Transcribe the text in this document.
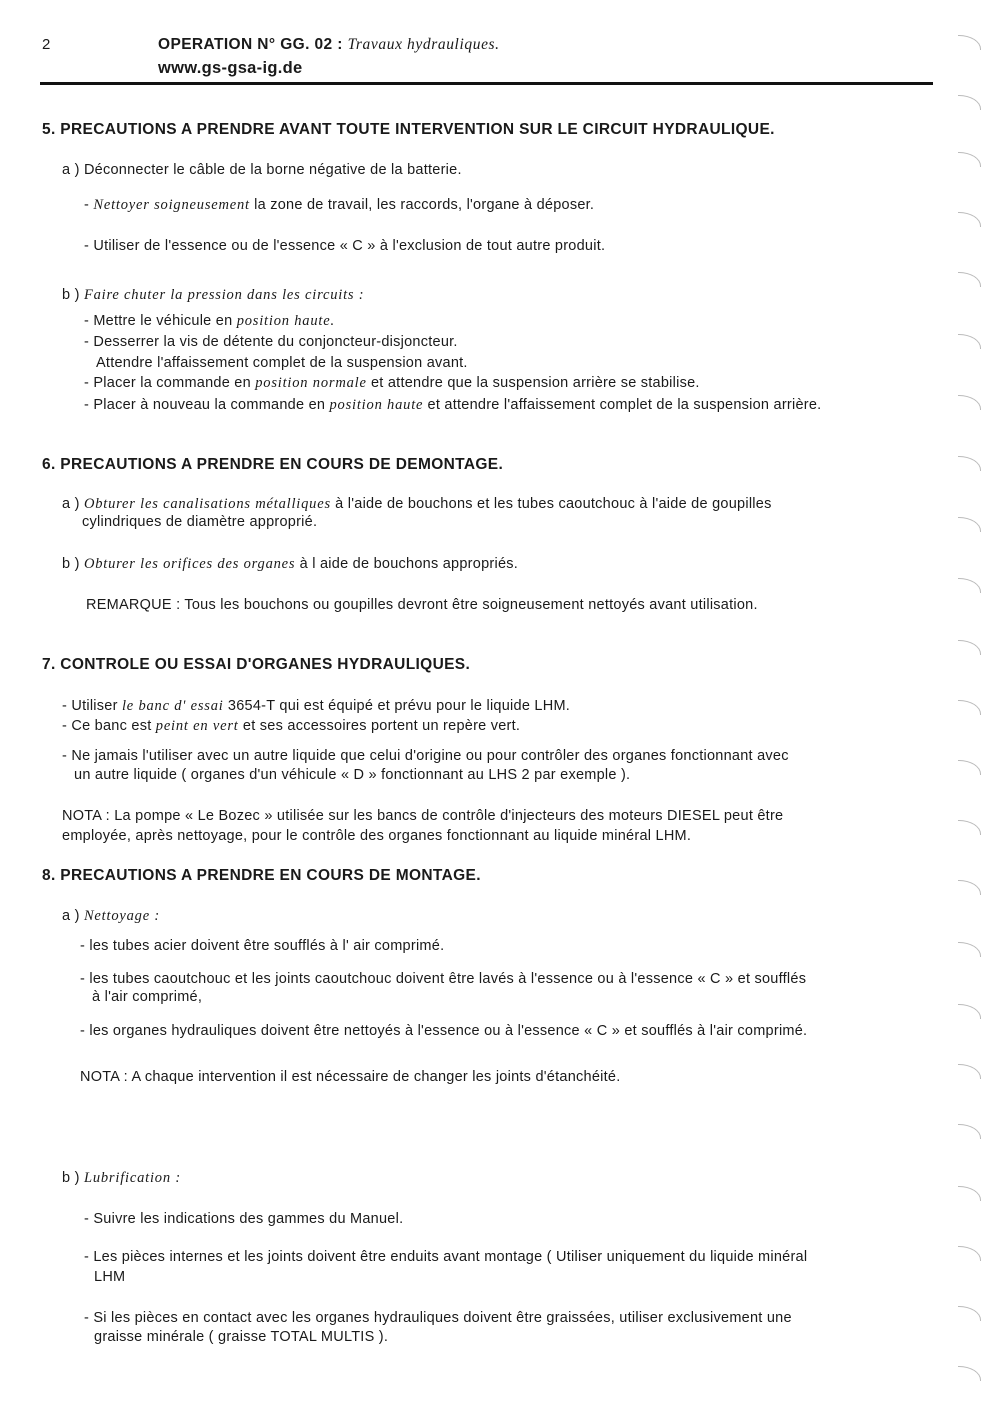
2	OPERATION N° GG. 02 : Travaux hydrauliques.
www.gs-gsa-ig.de
5. PRECAUTIONS A PRENDRE AVANT TOUTE INTERVENTION SUR LE CIRCUIT HYDRAULIQUE.
a ) Déconnecter le câble de la borne négative de la batterie.
- Nettoyer soigneusement la zone de travail, les raccords, l'organe à déposer.
- Utiliser de l'essence ou de l'essence « C » à l'exclusion de tout autre produit.
b ) Faire chuter la pression dans les circuits :
- Mettre le véhicule en position haute.
- Desserrer la vis de détente du conjoncteur-disjoncteur.
Attendre l'affaissement complet de la suspension avant.
- Placer la commande en position normale et attendre que la suspension arrière se stabilise.
- Placer à nouveau la commande en position haute et attendre l'affaissement complet de la suspension arrière.
6. PRECAUTIONS A PRENDRE EN COURS DE DEMONTAGE.
a ) Obturer les canalisations métalliques à l'aide de bouchons et les tubes caoutchouc à l'aide de goupilles
cylindriques de diamètre approprié.
b ) Obturer les orifices des organes à l aide de bouchons appropriés.
REMARQUE : Tous les bouchons ou goupilles devront être soigneusement nettoyés avant utilisation.
7. CONTROLE OU ESSAI D'ORGANES HYDRAULIQUES.
- Utiliser le banc d' essai 3654-T qui est équipé et prévu pour le liquide LHM.
- Ce banc est peint en vert et ses accessoires portent un repère vert.
- Ne jamais l'utiliser avec un autre liquide que celui d'origine ou pour contrôler des organes fonctionnant avec
un autre liquide ( organes d'un véhicule « D » fonctionnant au LHS 2 par exemple ).
NOTA : La pompe « Le Bozec » utilisée sur les bancs de contrôle d'injecteurs des moteurs DIESEL peut être
employée, après nettoyage, pour le contrôle des organes fonctionnant au liquide minéral LHM.
8. PRECAUTIONS A PRENDRE EN COURS DE MONTAGE.
a ) Nettoyage :
- les tubes acier doivent être soufflés à l' air comprimé.
- les tubes caoutchouc et les joints caoutchouc doivent être lavés à l'essence ou à l'essence « C » et soufflés
à l'air comprimé,
- les organes hydrauliques doivent être nettoyés à l'essence ou à l'essence « C » et soufflés à l'air comprimé.
NOTA : A chaque intervention il est nécessaire de changer les joints d'étanchéité.
b ) Lubrification :
- Suivre les indications des gammes du Manuel.
- Les pièces internes et les joints doivent être enduits avant montage ( Utiliser uniquement du liquide minéral
LHM
- Si les pièces en contact avec les organes hydrauliques doivent être graissées, utiliser exclusivement une
graisse minérale ( graisse TOTAL MULTIS ).
